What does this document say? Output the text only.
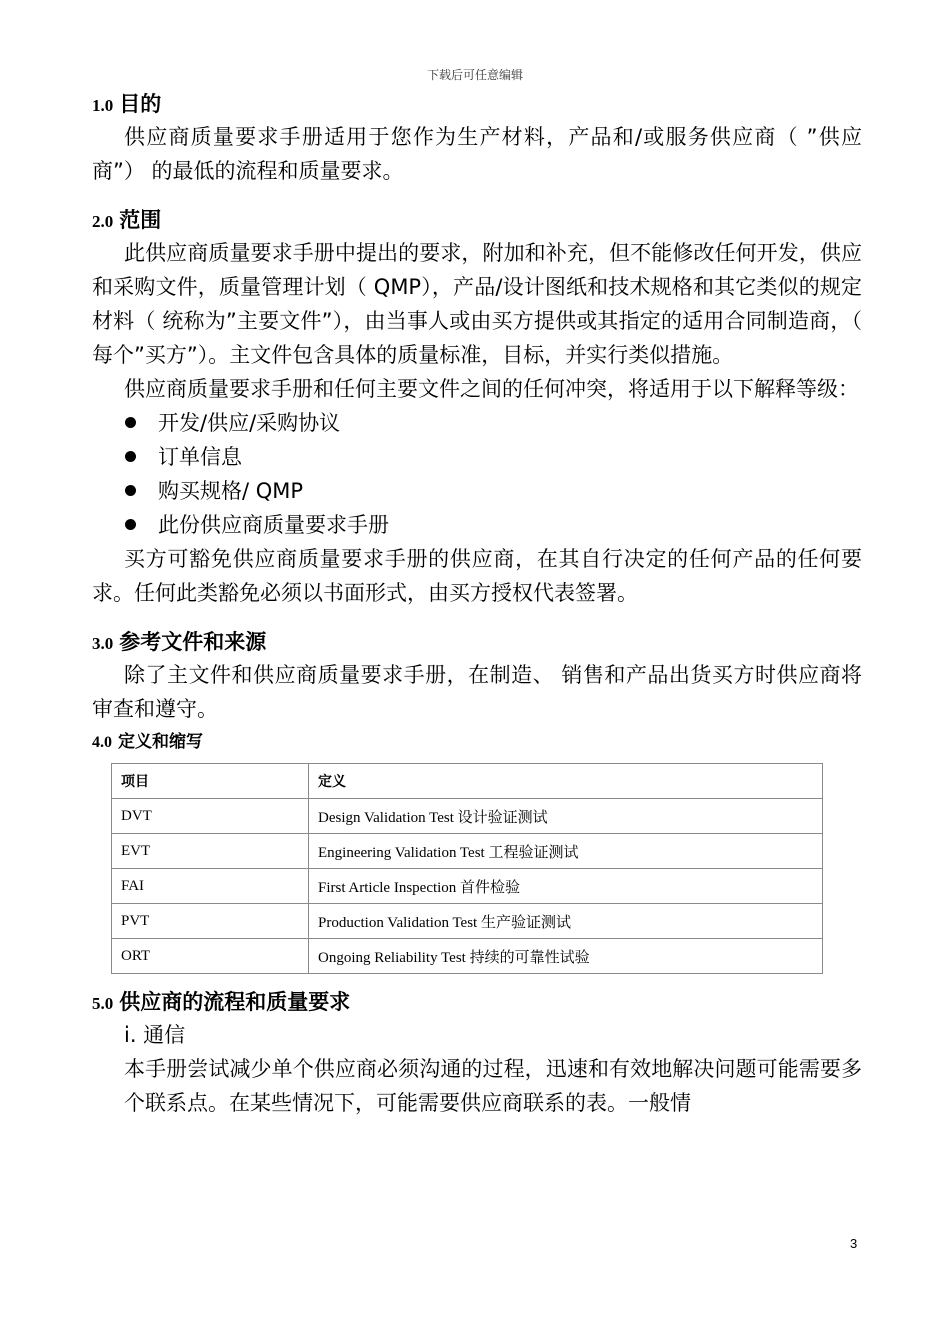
下载后可任意编辑
1.0 目的

供应商质量要求手册适用于您作为生产材料，产品和/或服务供应商（ ”供应商”） 的最低的流程和质量要求。

2.0 范围

此供应商质量要求手册中提出的要求，附加和补充，但不能修改任何开发，供应和采购文件，质量管理计划（ QMP），产品/设计图纸和技术规格和其它类似的规定材料（ 统称为”主要文件”），由当事人或由买方提供或其指定的适用合同制造商，（ 每个”买方”）。主文件包含具体的质量标准，目标，并实行类似措施。

供应商质量要求手册和任何主要文件之间的任何冲突，将适用于以下解释等级：

开发/供应/采购协议
订单信息
购买规格/ QMP
此份供应商质量要求手册

买方可豁免供应商质量要求手册的供应商，在其自行决定的任何产品的任何要求。任何此类豁免必须以书面形式，由买方授权代表签署。

3.0 参考文件和来源

除了主文件和供应商质量要求手册，在制造、 销售和产品出货买方时供应商将审查和遵守。

4.0 定义和缩写
项目	定义
DVT	Design Validation Test 设计验证测试
EVT	Engineering Validation Test 工程验证测试
FAI	First Article Inspection 首件检验
PVT	Production Validation Test 生产验证测试
ORT	Ongoing Reliability Test 持续的可靠性试验
5.0 供应商的流程和质量要求
i. 通信

本手册尝试减少单个供应商必须沟通的过程，迅速和有效地解决问题可能需要多个联系点。在某些情况下，可能需要供应商联系的表。一般情

3
